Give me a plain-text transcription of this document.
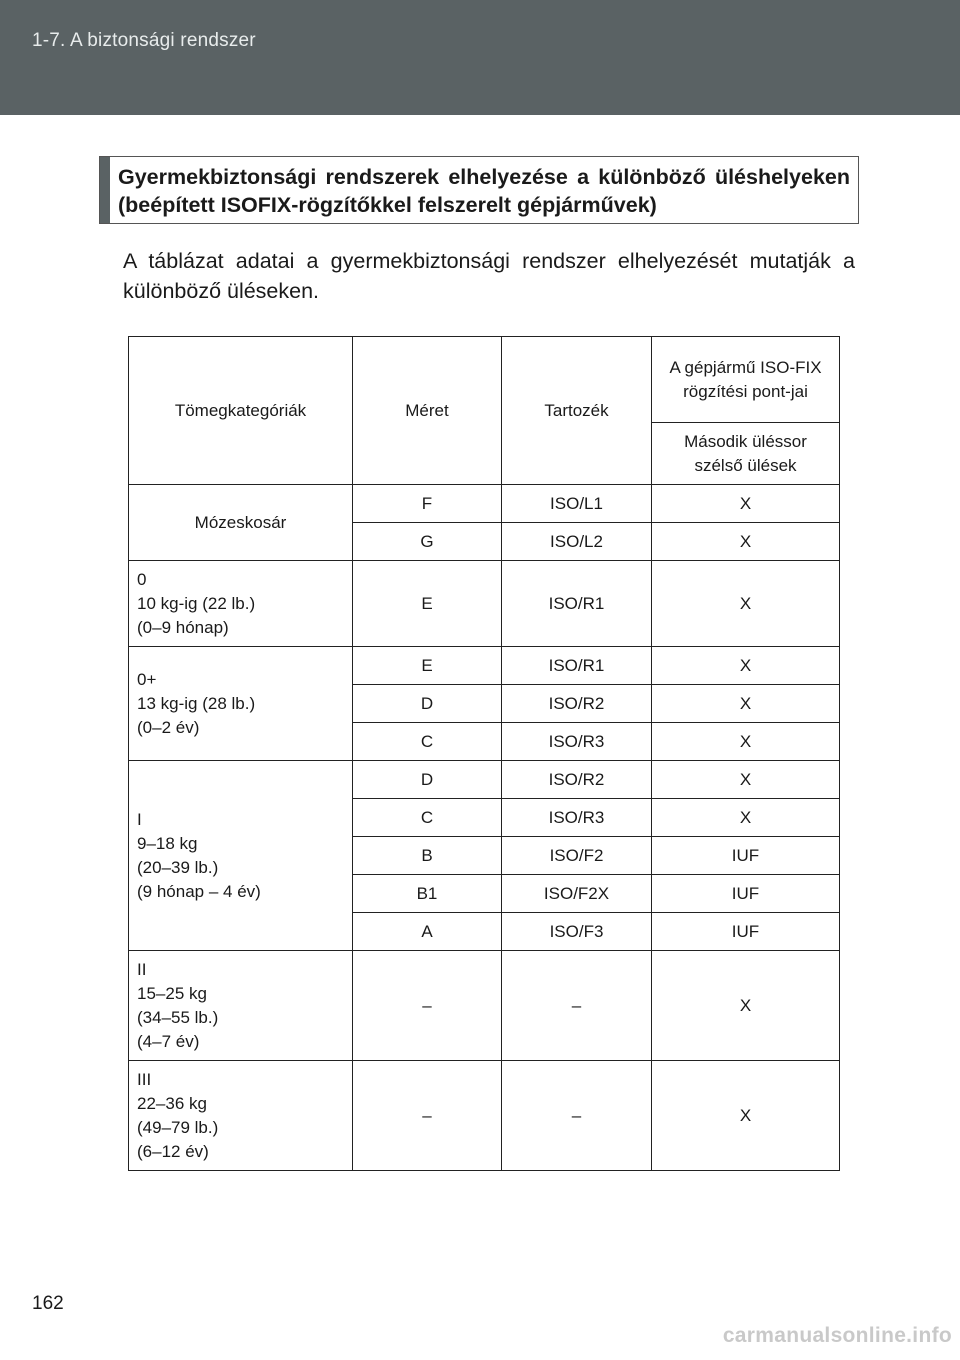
1-7. A biztonsági rendszer
Gyermekbiztonsági rendszerek elhelyezése a különböző üléshelyeken (beépített ISOFIX-rögzítőkkel felszerelt gépjárművek)
A táblázat adatai a gyermekbiztonsági rendszer elhelyezését mutatják a különböző üléseken.
Tömegkategóriák	Méret	Tartozék	A gépjármű ISO-FIX rögzítési pont-jai
			Második üléssor szélső ülések
Mózeskosár	F	ISO/L1	X
	G	ISO/L2	X
0
10 kg-ig (22 lb.)
(0–9 hónap)	E	ISO/R1	X
0+
13 kg-ig (28 lb.)
(0–2 év)	E	ISO/R1	X
	D	ISO/R2	X
	C	ISO/R3	X
I
9–18 kg
(20–39 lb.)
(9 hónap – 4 év)	D	ISO/R2	X
	C	ISO/R3	X
	B	ISO/F2	IUF
	B1	ISO/F2X	IUF
	A	ISO/F3	IUF
II
15–25 kg
(34–55 lb.)
(4–7 év)	–	–	X
III
22–36 kg
(49–79 lb.)
(6–12 év)	–	–	X
162
carmanualsonline.info
